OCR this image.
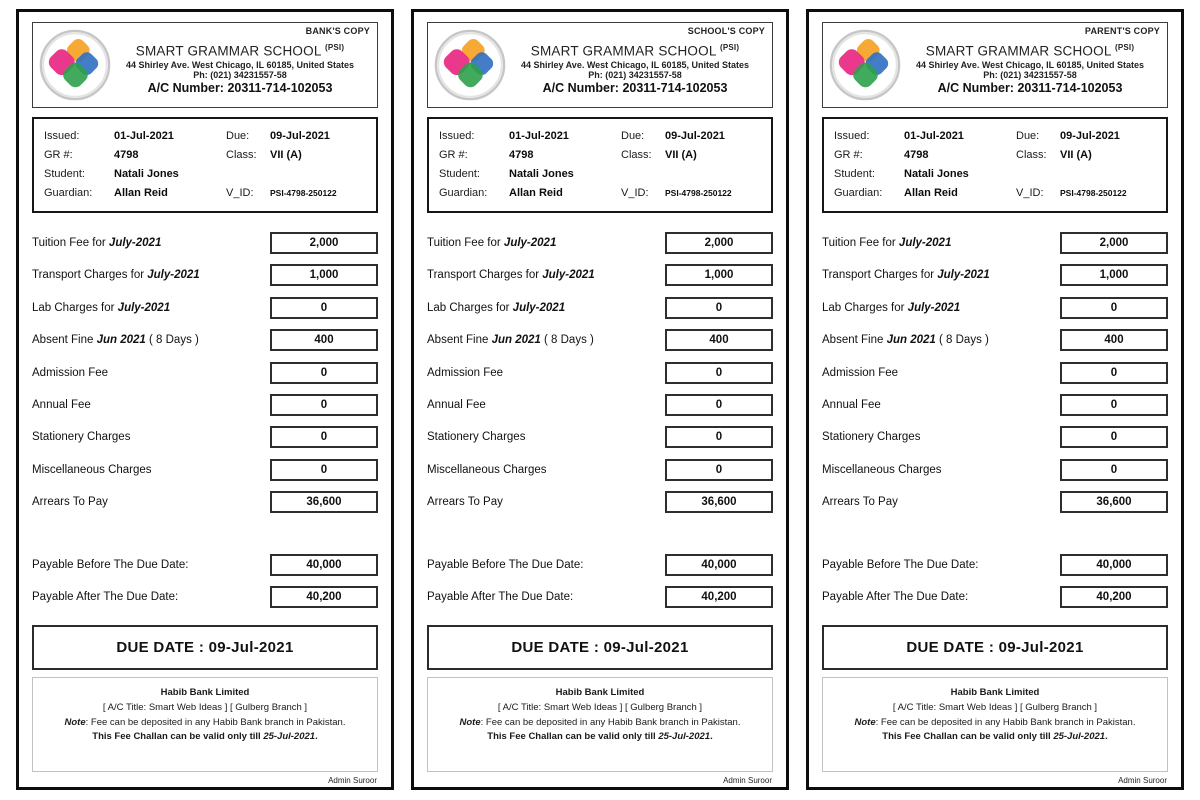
BANK'S COPY
SMART GRAMMAR SCHOOL $^{(PSI)}$
44 Shirley Ave. West Chicago, IL 60185, United States
Ph: (021) 34231557-58
A/C Number: 20311-714-102053
Issued:	01-Jul-2021	Due:	09-Jul-2021
GR #:	4798	Class:	VII (A)
Student:	Natali Jones
Guardian:	Allan Reid	V_ID:	PSI-4798-250122
Tuition Fee for July-2021	2,000
Transport Charges for July-2021	1,000
Lab Charges for July-2021	0
Absent Fine Jun 2021 ( 8 Days )	400
Admission Fee	0
Annual Fee	0
Stationery Charges	0
Miscellaneous Charges	0
Arrears To Pay	36,600
Payable Before The Due Date:	40,000
Payable After The Due Date:	40,200
DUE DATE : 09-Jul-2021
Habib Bank Limited
[ A/C Title: Smart Web Ideas ] [ Gulberg Branch ]
Note: Fee can be deposited in any Habib Bank branch in Pakistan.
This Fee Challan can be valid only till 25-Jul-2021.
Admin Suroor
SCHOOL'S COPY
SMART GRAMMAR SCHOOL $^{(PSI)}$
44 Shirley Ave. West Chicago, IL 60185, United States
Ph: (021) 34231557-58
A/C Number: 20311-714-102053
Issued:	01-Jul-2021	Due:	09-Jul-2021
GR #:	4798	Class:	VII (A)
Student:	Natali Jones
Guardian:	Allan Reid	V_ID:	PSI-4798-250122
Tuition Fee for July-2021	2,000
Transport Charges for July-2021	1,000
Lab Charges for July-2021	0
Absent Fine Jun 2021 ( 8 Days )	400
Admission Fee	0
Annual Fee	0
Stationery Charges	0
Miscellaneous Charges	0
Arrears To Pay	36,600
Payable Before The Due Date:	40,000
Payable After The Due Date:	40,200
DUE DATE : 09-Jul-2021
Habib Bank Limited
[ A/C Title: Smart Web Ideas ] [ Gulberg Branch ]
Note: Fee can be deposited in any Habib Bank branch in Pakistan.
This Fee Challan can be valid only till 25-Jul-2021.
Admin Suroor
PARENT'S COPY
SMART GRAMMAR SCHOOL $^{(PSI)}$
44 Shirley Ave. West Chicago, IL 60185, United States
Ph: (021) 34231557-58
A/C Number: 20311-714-102053
Issued:	01-Jul-2021	Due:	09-Jul-2021
GR #:	4798	Class:	VII (A)
Student:	Natali Jones
Guardian:	Allan Reid	V_ID:	PSI-4798-250122
Tuition Fee for July-2021	2,000
Transport Charges for July-2021	1,000
Lab Charges for July-2021	0
Absent Fine Jun 2021 ( 8 Days )	400
Admission Fee	0
Annual Fee	0
Stationery Charges	0
Miscellaneous Charges	0
Arrears To Pay	36,600
Payable Before The Due Date:	40,000
Payable After The Due Date:	40,200
DUE DATE : 09-Jul-2021
Habib Bank Limited
[ A/C Title: Smart Web Ideas ] [ Gulberg Branch ]
Note: Fee can be deposited in any Habib Bank branch in Pakistan.
This Fee Challan can be valid only till 25-Jul-2021.
Admin Suroor
